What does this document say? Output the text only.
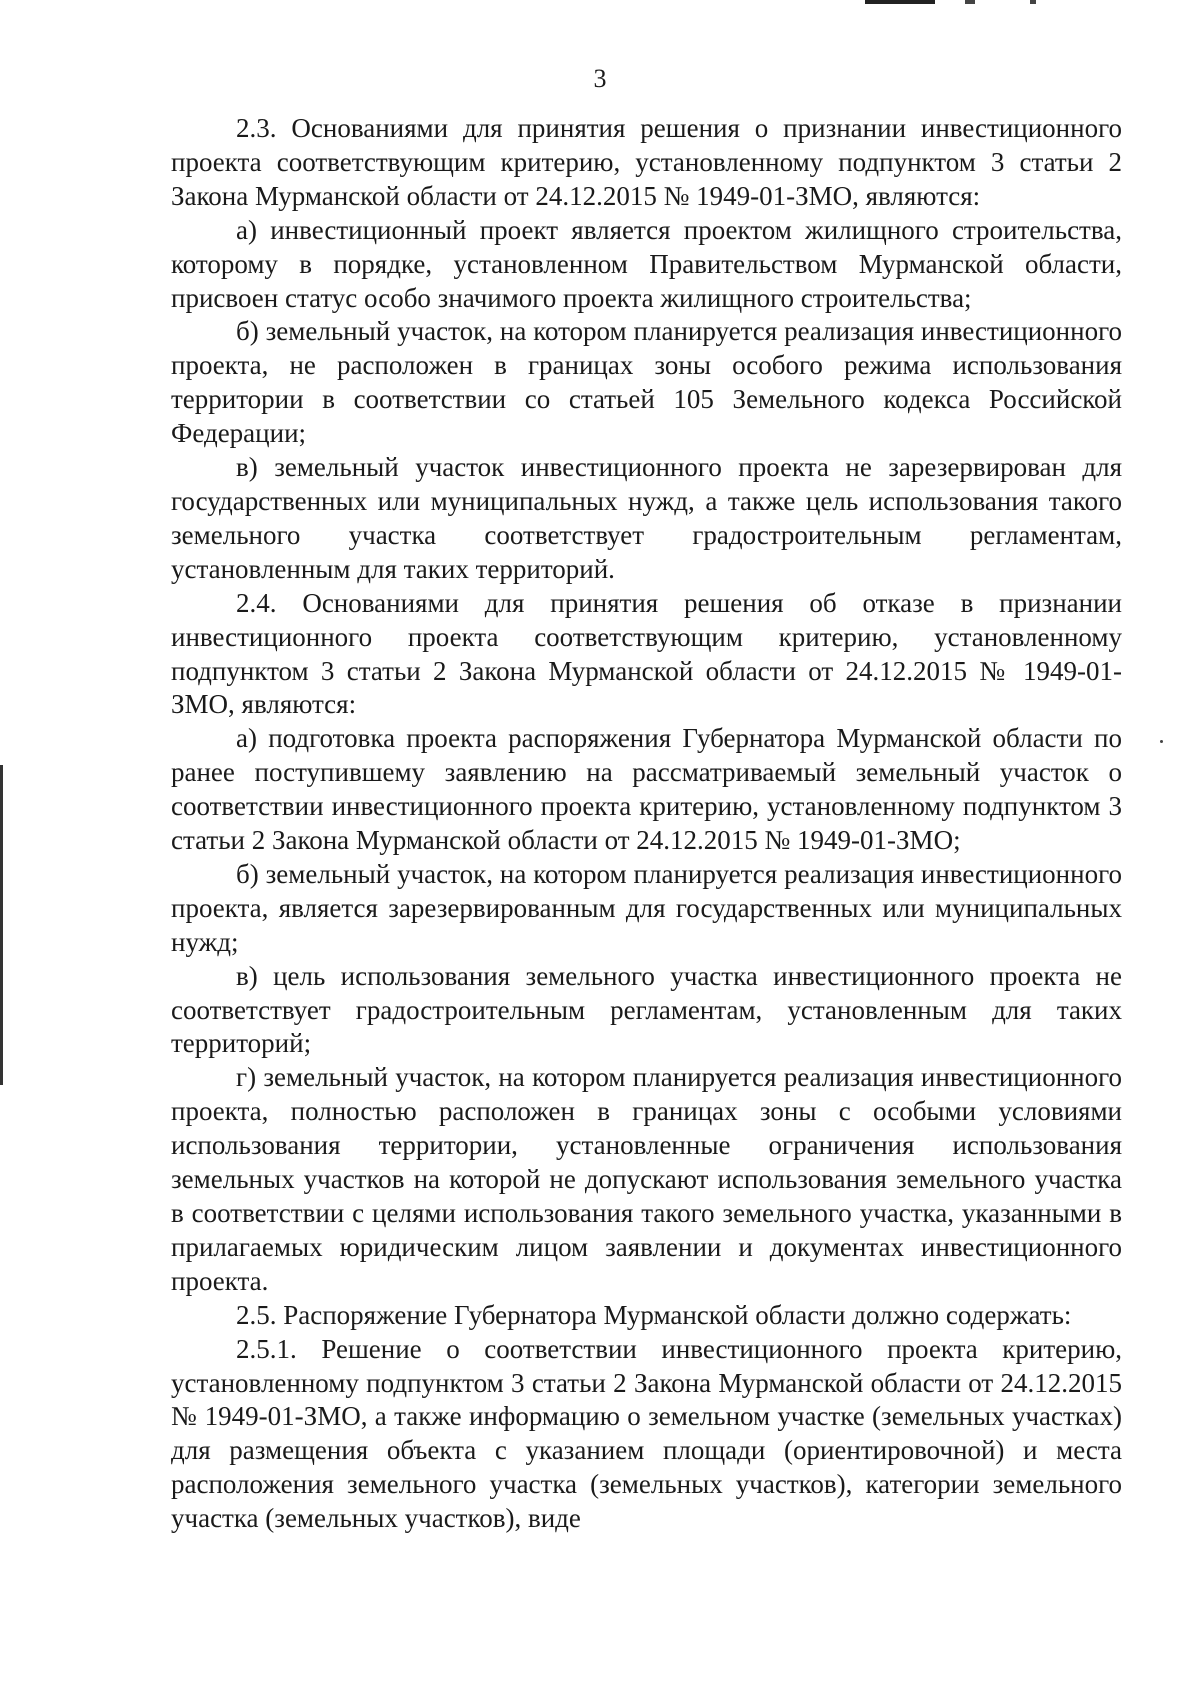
3

2.3. Основаниями для принятия решения о признании инвестиционного проекта соответствующим критерию, установленному подпунктом 3 статьи 2 Закона Мурманской области от 24.12.2015 № 1949-01-ЗМО, являются:

а) инвестиционный проект является проектом жилищного строительства, которому в порядке, установленном Правительством Мурманской области, присвоен статус особо значимого проекта жилищного строительства;

б) земельный участок, на котором планируется реализация инвестиционного проекта, не расположен в границах зоны особого режима использования территории в соответствии со статьей 105 Земельного кодекса Российской Федерации;

в) земельный участок инвестиционного проекта не зарезервирован для государственных или муниципальных нужд, а также цель использования такого земельного участка соответствует градостроительным регламентам, установленным для таких территорий.

2.4. Основаниями для принятия решения об отказе в признании инвестиционного проекта соответствующим критерию, установленному подпунктом 3 статьи 2 Закона Мурманской области от 24.12.2015 № 1949-01-ЗМО, являются:

а) подготовка проекта распоряжения Губернатора Мурманской области по ранее поступившему заявлению на рассматриваемый земельный участок о соответствии инвестиционного проекта критерию, установленному подпунктом 3 статьи 2 Закона Мурманской области от 24.12.2015 № 1949-01-ЗМО;

б) земельный участок, на котором планируется реализация инвестиционного проекта, является зарезервированным для государственных или муниципальных нужд;

в) цель использования земельного участка инвестиционного проекта не соответствует градостроительным регламентам, установленным для таких территорий;

г) земельный участок, на котором планируется реализация инвестиционного проекта, полностью расположен в границах зоны с особыми условиями использования территории, установленные ограничения использования земельных участков на которой не допускают использования земельного участка в соответствии с целями использования такого земельного участка, указанными в прилагаемых юридическим лицом заявлении и документах инвестиционного проекта.

2.5. Распоряжение Губернатора Мурманской области должно содержать:

2.5.1. Решение о соответствии инвестиционного проекта критерию, установленному подпунктом 3 статьи 2 Закона Мурманской области от 24.12.2015 № 1949-01-ЗМО, а также информацию о земельном участке (земельных участках) для размещения объекта с указанием площади (ориентировочной) и места расположения земельного участка (земельных участков), категории земельного участка (земельных участков), виде
